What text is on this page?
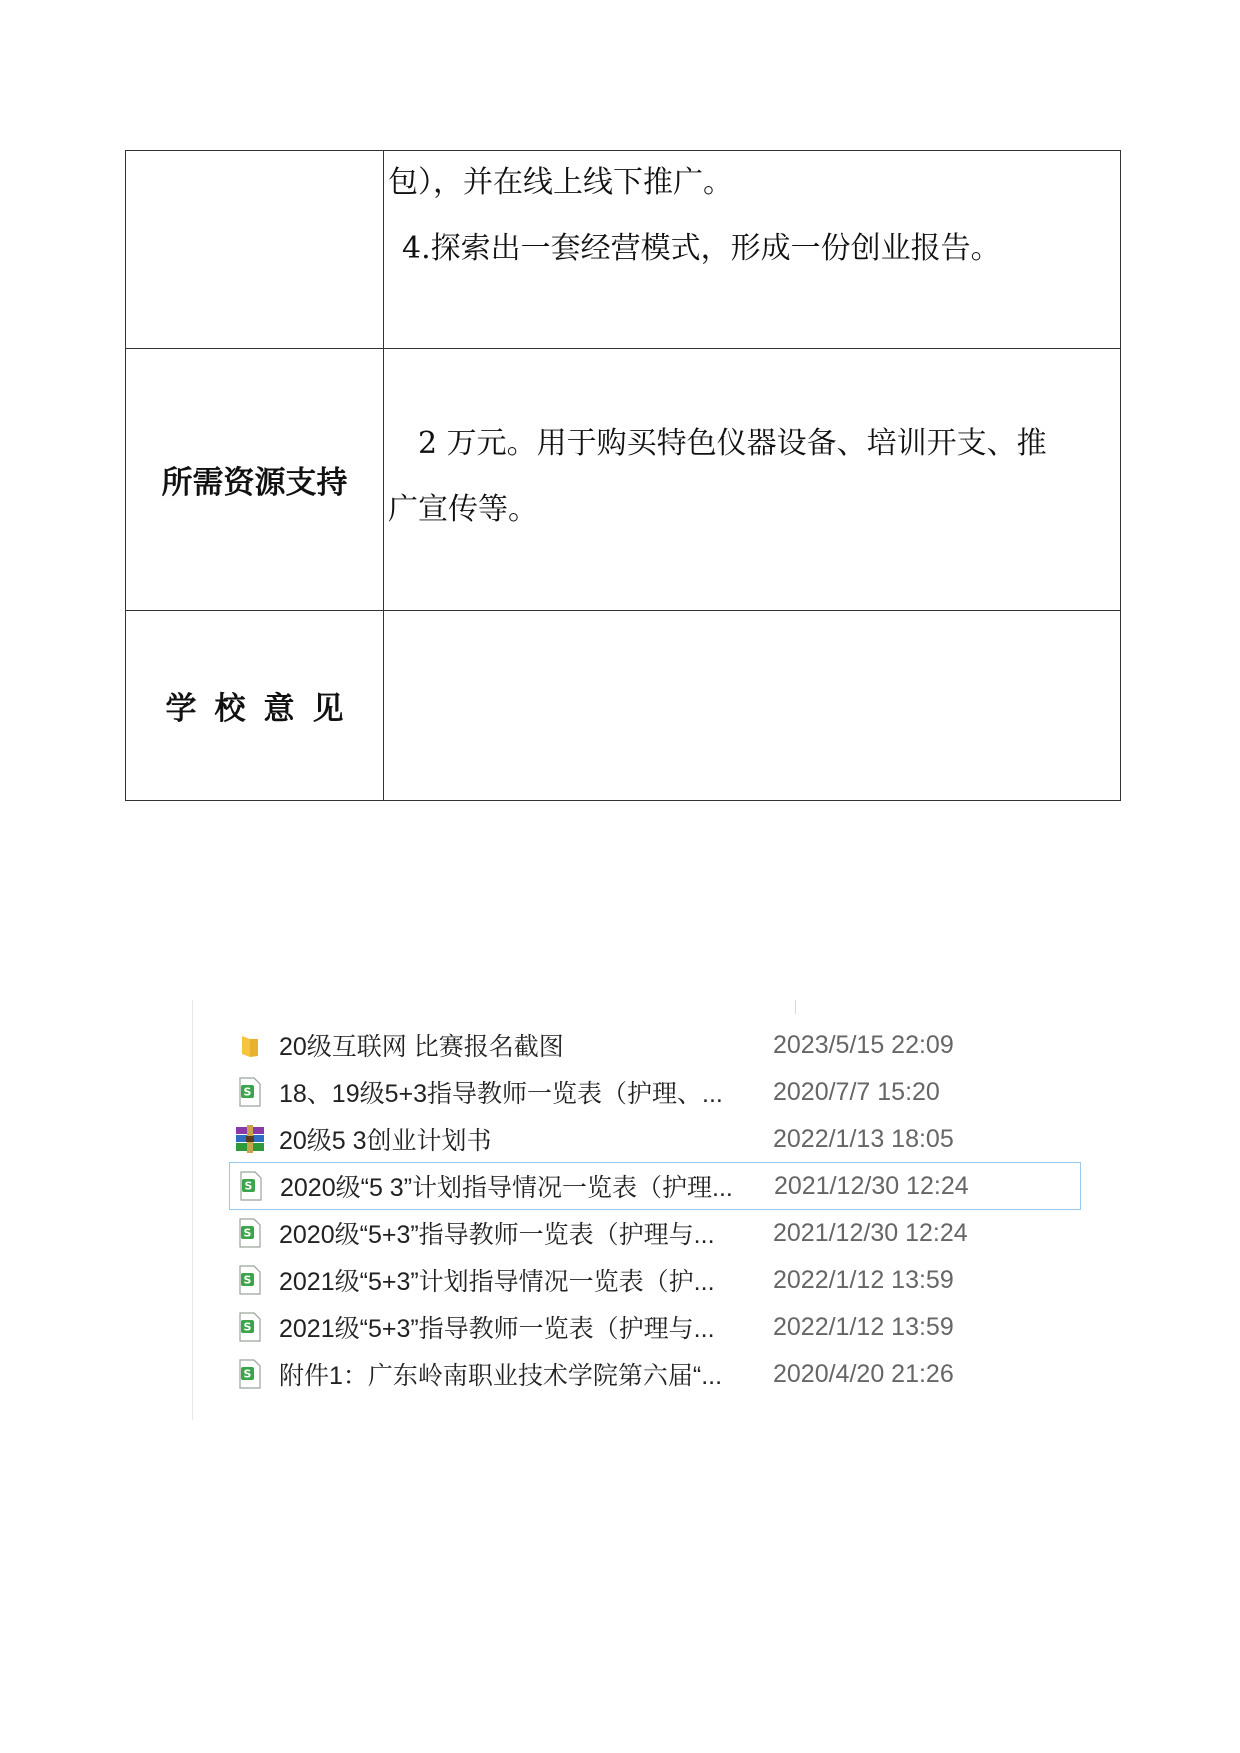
	包），并在线上线下推广。
4.探索出一套经营模式，形成一份创业报告。

所需资源支持	2 万元。用于购买特色仪器设备、培训开支、推
广宣传等。

学校意见	
20级互联网 比赛报名截图	2023/5/15 22:09
S 18、19级5+3指导教师一览表（护理、...	2020/7/7 15:20
20级5 3创业计划书	2022/1/13 18:05
S 2020级“5 3”计划指导情况一览表（护理...	2021/12/30 12:24
S 2020级“5+3”指导教师一览表（护理与...	2021/12/30 12:24
S 2021级“5+3”计划指导情况一览表（护...	2022/1/12 13:59
S 2021级“5+3”指导教师一览表（护理与...	2022/1/12 13:59
S 附件1：广东岭南职业技术学院第六届“...	2020/4/20 21:26
